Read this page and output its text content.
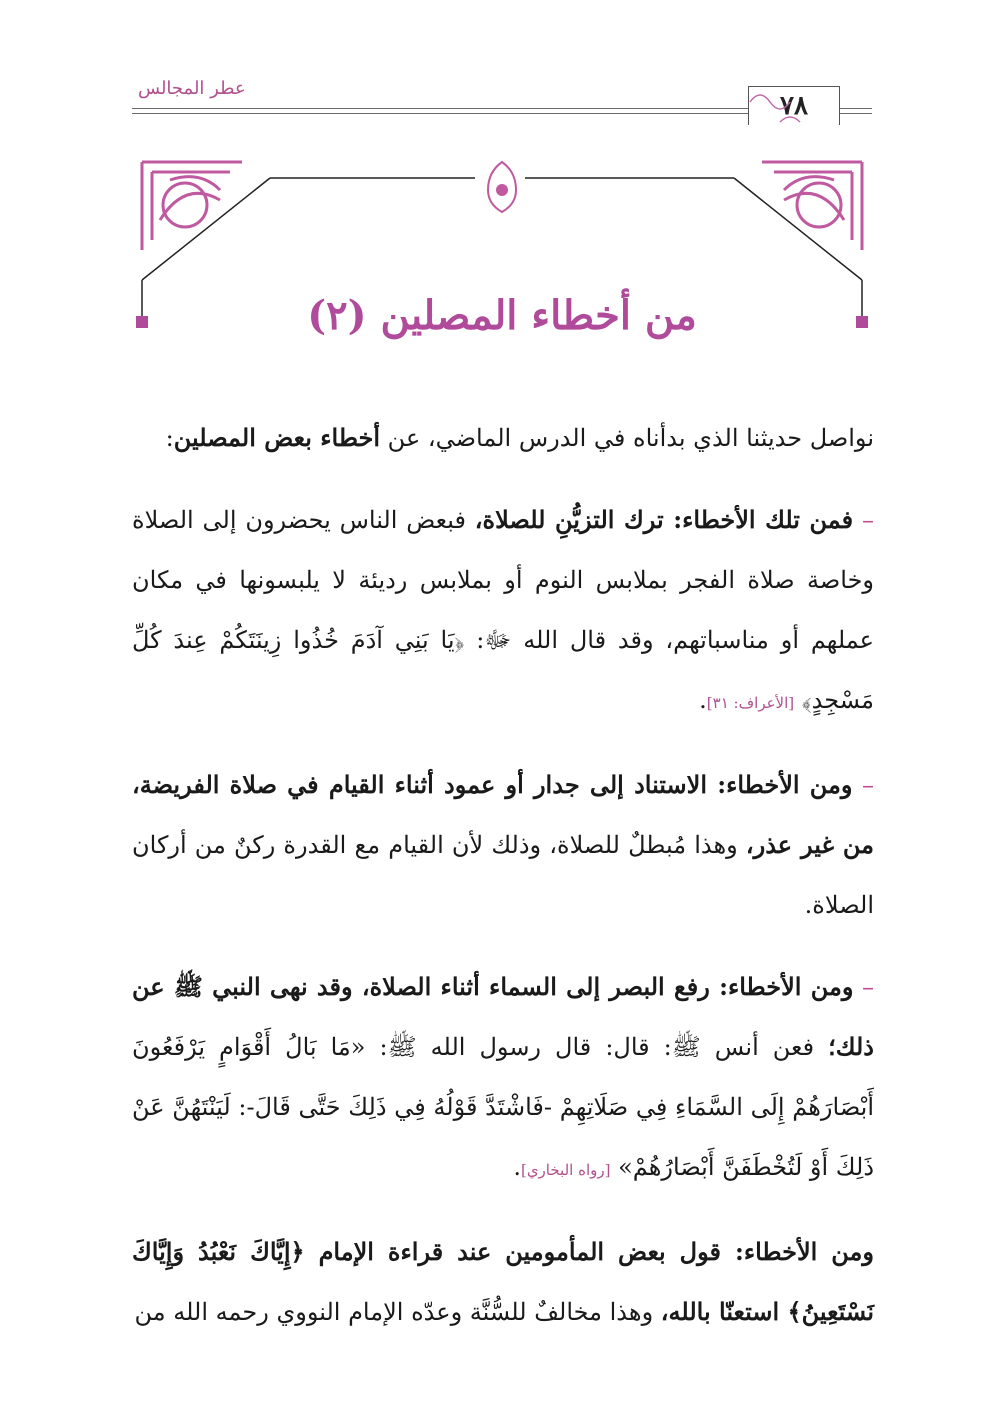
عطر المجالس
٧٨
من أخطاء المصلين (٢)

نواصل حديثنا الذي بدأناه في الدرس الماضي، عن أخطاء بعض المصلين:

– فمن تلك الأخطاء: ترك التزيُّنِ للصلاة، فبعض الناس يحضرون إلى الصلاة وخاصة صلاة الفجر بملابس النوم أو بملابس رديئة لا يلبسونها في مكان عملهم أو مناسباتهم، وقد قال الله ﷻ: ﴿يَا بَنِي آدَمَ خُذُوا زِينَتَكُمْ عِندَ كُلِّ مَسْجِدٍ﴾ [الأعراف: ٣١].

– ومن الأخطاء: الاستناد إلى جدار أو عمود أثناء القيام في صلاة الفريضة، من غير عذر، وهذا مُبطلٌ للصلاة، وذلك لأن القيام مع القدرة ركنٌ من أركان الصلاة.

– ومن الأخطاء: رفع البصر إلى السماء أثناء الصلاة، وقد نهى النبي ﷺ عن ذلك؛ فعن أنس ﷺ: قال: قال رسول الله ﷺ: «مَا بَالُ أَقْوَامٍ يَرْفَعُونَ أَبْصَارَهُمْ إِلَى السَّمَاءِ فِي صَلَاتِهِمْ -فَاشْتَدَّ قَوْلُهُ فِي ذَلِكَ حَتَّى قَالَ-: لَيَنْتَهُنَّ عَنْ ذَلِكَ أَوْ لَتُخْطَفَنَّ أَبْصَارُهُمْ» [رواه البخاري].

ومن الأخطاء: قول بعض المأمومين عند قراءة الإمام ﴿إِيَّاكَ نَعْبُدُ وَإِيَّاكَ نَسْتَعِينُ﴾ استعنّا بالله، وهذا مخالفٌ للسُّنَّة وعدّه الإمام النووي رحمه الله من
